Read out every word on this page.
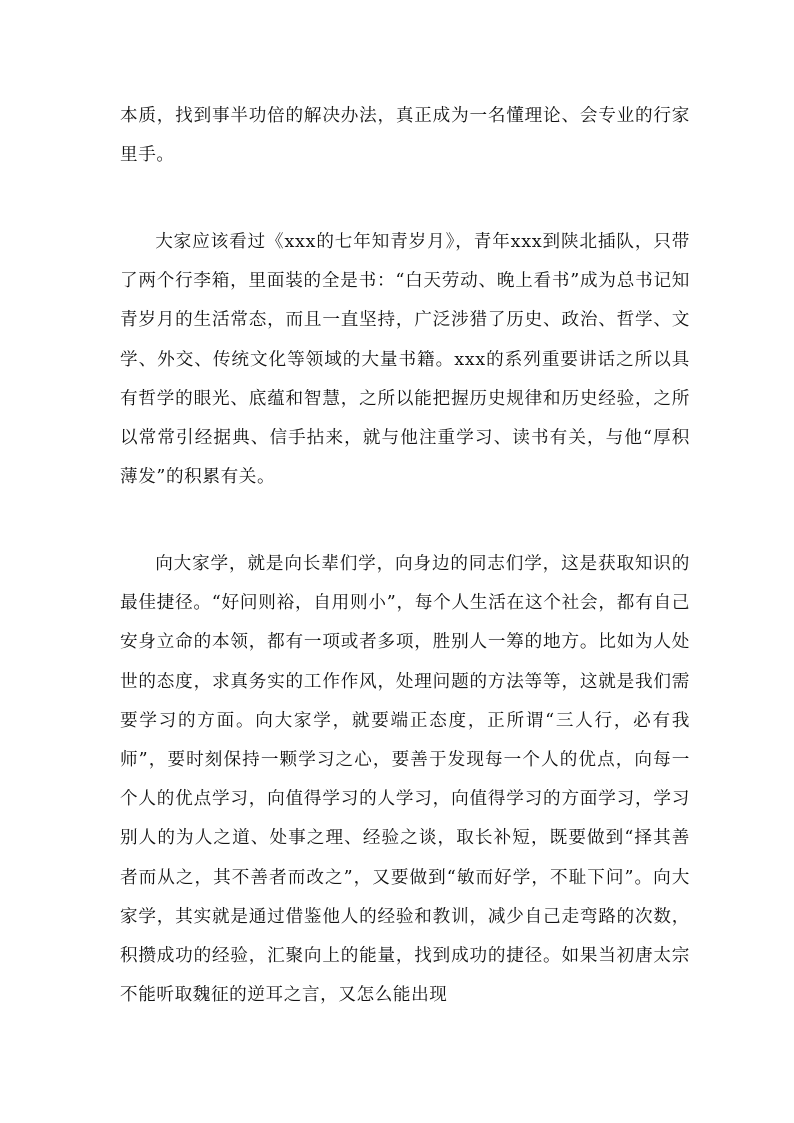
本质，找到事半功倍的解决办法，真正成为一名懂理论、会专业的行家里手。

大家应该看过《xxx的七年知青岁月》，青年xxx到陕北插队，只带了两个行李箱，里面装的全是书：“白天劳动、晚上看书”成为总书记知青岁月的生活常态，而且一直坚持，广泛涉猎了历史、政治、哲学、文学、外交、传统文化等领域的大量书籍。xxx的系列重要讲话之所以具有哲学的眼光、底蕴和智慧，之所以能把握历史规律和历史经验，之所以常常引经据典、信手拈来，就与他注重学习、读书有关，与他“厚积薄发”的积累有关。

向大家学，就是向长辈们学，向身边的同志们学，这是获取知识的最佳捷径。“好问则裕，自用则小”，每个人生活在这个社会，都有自己安身立命的本领，都有一项或者多项，胜别人一筹的地方。比如为人处世的态度，求真务实的工作作风，处理问题的方法等等，这就是我们需要学习的方面。向大家学，就要端正态度，正所谓“三人行，必有我师”，要时刻保持一颗学习之心，要善于发现每一个人的优点，向每一个人的优点学习，向值得学习的人学习，向值得学习的方面学习，学习别人的为人之道、处事之理、经验之谈，取长补短，既要做到“择其善者而从之，其不善者而改之”，又要做到“敏而好学，不耻下问”。向大家学，其实就是通过借鉴他人的经验和教训，减少自己走弯路的次数，积攒成功的经验，汇聚向上的能量，找到成功的捷径。如果当初唐太宗不能听取魏征的逆耳之言，又怎么能出现
